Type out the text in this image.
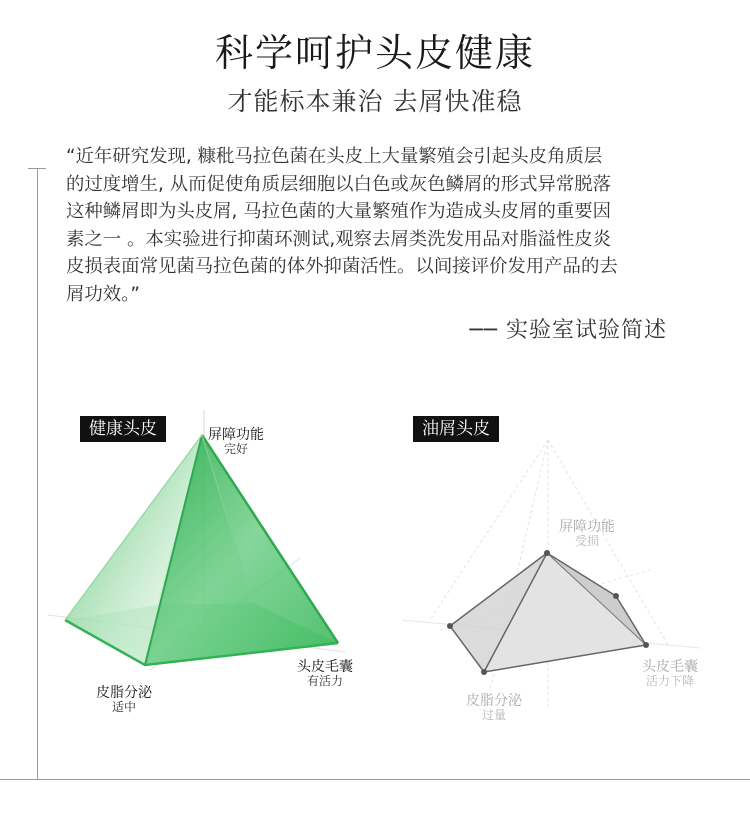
科学呵护头皮健康
才能标本兼治 去屑快准稳
“近年研究发现, 糠秕马拉色菌在头皮上大量繁殖会引起头皮角质层
的过度增生, 从而促使角质层细胞以白色或灰色鳞屑的形式异常脱落
这种鳞屑即为头皮屑, 马拉色菌的大量繁殖作为造成头皮屑的重要因
素之一 。本实验进行抑菌环测试,观察去屑类洗发用品对脂溢性皮炎
皮损表面常见菌马拉色菌的体外抑菌活性。以间接评价发用产品的去
屑功效。”
── 实验室试验简述
健康头皮	油屑头皮
屏障功能
完好
皮脂分泌
适中
头皮毛囊
有活力
屏障功能
受损
皮脂分泌
过量
头皮毛囊
活力下降
